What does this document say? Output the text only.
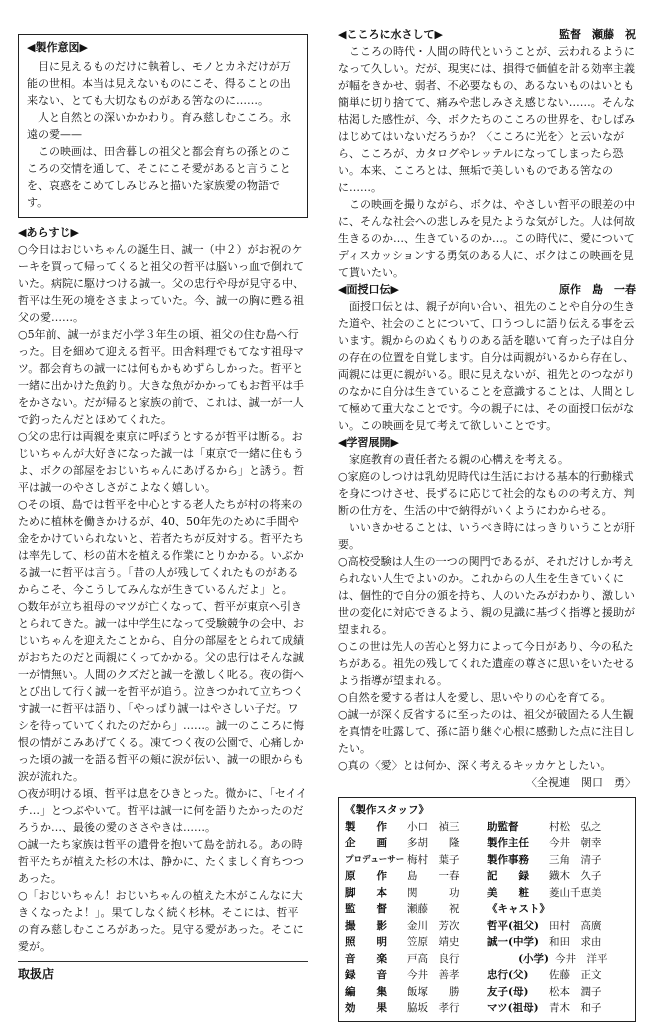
◀製作意図▶

目に見えるものだけに執着し、モノとカネだけが万能の世相。本当は見えないものにこそ、得ることの出来ない、とても大切なものがある筈なのに……。

人と自然との深いかかわり。育み慈しむこころ。永遠の愛——

この映画は、田舎暮しの祖父と都会育ちの孫とのこころの交情を通して、そこにこそ愛があると言うことを、哀惑をこめてしみじみと描いた家族愛の物語です。

◀あらすじ▶

○今日はおじいちゃんの誕生日、誠一（中２）がお祝のケーキを買って帰ってくると祖父の哲平は脳いっ血で倒れていた。病院に駆けつける誠一。父の忠行や母が見守る中、哲平は生死の境をさまよっていた。今、誠一の胸に甦る祖父の愛……。

○5年前、誠一がまだ小学３年生の頃、祖父の住む島へ行った。目を細めて迎える哲平。田舎料理でもてなす祖母マツ。都会育ちの誠一には何もかもめずらしかった。哲平と一緒に出かけた魚釣り。大きな魚がかかってもお哲平は手をかさない。だが帰ると家族の前で、これは、誠一が一人で釣ったんだとほめてくれた。

○父の忠行は両親を東京に呼ぼうとするが哲平は断る。おじいちゃんが大好きになった誠一は「東京で一緒に住もうよ、ボクの部屋をおじいちゃんにあげるから」と誘う。哲平は誠一のやさしさがこよなく嬉しい。

○その頃、島では哲平を中心とする老人たちが村の将来のために植林を働きかけるが、40、50年先のために手間や金をかけていられないと、若者たちが反対する。哲平たちは率先して、杉の苗木を植える作業にとりかかる。いぶかる誠一に哲平は言う。「昔の人が残してくれたものがあるからこそ、今こうしてみんなが生きているんだよ」と。

○数年が立ち祖母のマツが亡くなって、哲平が東京へ引きとられてきた。誠一は中学生になって受験競争の会中、おじいちゃんを迎えたことから、自分の部屋をとられて成績がおちたのだと両親にくってかかる。父の忠行はそんな誠一が情無い。人間のクズだと誠一を激しく叱る。夜の街へとび出して行く誠一を哲平が追う。泣きつかれて立ちつくす誠一に哲平は語り、「やっぱり誠一はやさしい子だ。ワシを待っていてくれたのだから」……。誠一のこころに悔恨の情がこみあげてくる。凍てつく夜の公園で、心痛しかった頃の誠一を語る哲平の頬に涙が伝い、誠一の眼からも涙が流れた。

○夜が明ける頃、哲平は息をひきとった。微かに、「セイイチ…」とつぶやいて。哲平は誠一に何を語りたかったのだろうか…、最後の愛のささやきは……。

○誠一たち家族は哲平の遺骨を抱いて島を訪れる。あの時哲平たちが植えた杉の木は、静かに、たくましく育ちつつあった。

○「おじいちゃん！おじいちゃんの植えた木がこんなに大きくなったよ！」。果てしなく続く杉林。そこには、哲平の育み慈しむこころがあった。見守る愛があった。そこに愛が。

取扱店
◀こころに水さして▶	監督　瀬藤　祝

こころの時代・人間の時代ということが、云われるようになって久しい。だが、現実には、損得で価値を計る効率主義が幅をきかせ、弱者、不必要なもの、あるないものはいとも簡単に切り捨てて、痛みや悲しみさえ感じない……。そんな枯渇した感性が、今、ボクたちのこころの世界を、むしばみはじめてはいないだろうか？〈こころに光を〉と云いながら、こころが、カタログやレッテルになってしまったら恐い。本来、こころとは、無垢で美しいものである筈なのに……。

この映画を撮りながら、ボクは、やさしい哲平の眼差の中に、そんな社会への悲しみを見たような気がした。人は何故生きるのか…、生きているのか…。この時代に、愛についてディスカッションする勇気のある人に、ボクはこの映画を見て貰いたい。

◀面授口伝▶	原作　島　一春

面授口伝とは、親子が向い合い、祖先のことや自分の生きた道や、社会のことについて、口うつしに語り伝える事を云います。親からのぬくもりのある話を聴いて育った子は自分の存在の位置を自覚します。自分は両親がいるから存在し、両親には更に親がいる。眼に見えないが、祖先とのつながりのなかに自分は生きていることを意識することは、人間として極めて重大なことです。今の親子には、その面授口伝がない。この映画を見て考えて欲しいことです。

◀学習展開▶

家庭教育の責任者たる親の心構えを考える。

○家庭のしつけは乳幼児時代は生活における基本的行動様式を身につけさせ、長ずるに応じて社会的なものの考え方、判断の仕方を、生活の中で納得がいくようにわからせる。

いいきかせることは、いうべき時にはっきりいうことが肝要。

○高校受験は人生の一つの関門であるが、それだけしか考えられない人生でよいのか。これからの人生を生きていくには、個性的で自分の頒を持ち、人のいたみがわかり、激しい世の変化に対応できるよう、親の見識に基づく指導と援助が望まれる。

○この世は先人の苦心と努力によって今日があり、今の私たちがある。祖先の残してくれた遺産の尊さに思いをいたせるよう指導が望まれる。

○自然を愛する者は人を愛し、思いやりの心を育てる。

○誠一が深く反省するに至ったのは、祖父が破固たる人生観を真情を吐露して、孫に語り継ぐ心根に感動した点に注目したい。

○真の〈愛〉とは何か、深く考えるキッカケとしたい。

〈全視連　関口　勇〉

《製作スタッフ》

製　　作	小口　禎三
企　　画	多胡　　隆
プロデューサー 梅村　葉子
原　　作	島　　一春
脚　　本	関　　　功
監　　督	瀬藤　　祝
撮　　影	金川　芳次
照　　明	笠原　靖史
音　　楽	戸高　良行
録　　音	今井　善孝
編　　集	飯塚　　勝
効　　果	脇坂　孝行
助監督	村松　弘之
製作主任	今井　朝幸
製作事務	三角　清子
記　　録	鐡木　久子
美　　粧	菱山千恵美

《キャスト》

哲平(祖父) 田村　高廣
誠一(中学) 和田　求由
(小学) 今井　洋平
忠行(父)	佐藤　正文
友子(母)	松本　潤子
マツ(祖母) 青木　和子
